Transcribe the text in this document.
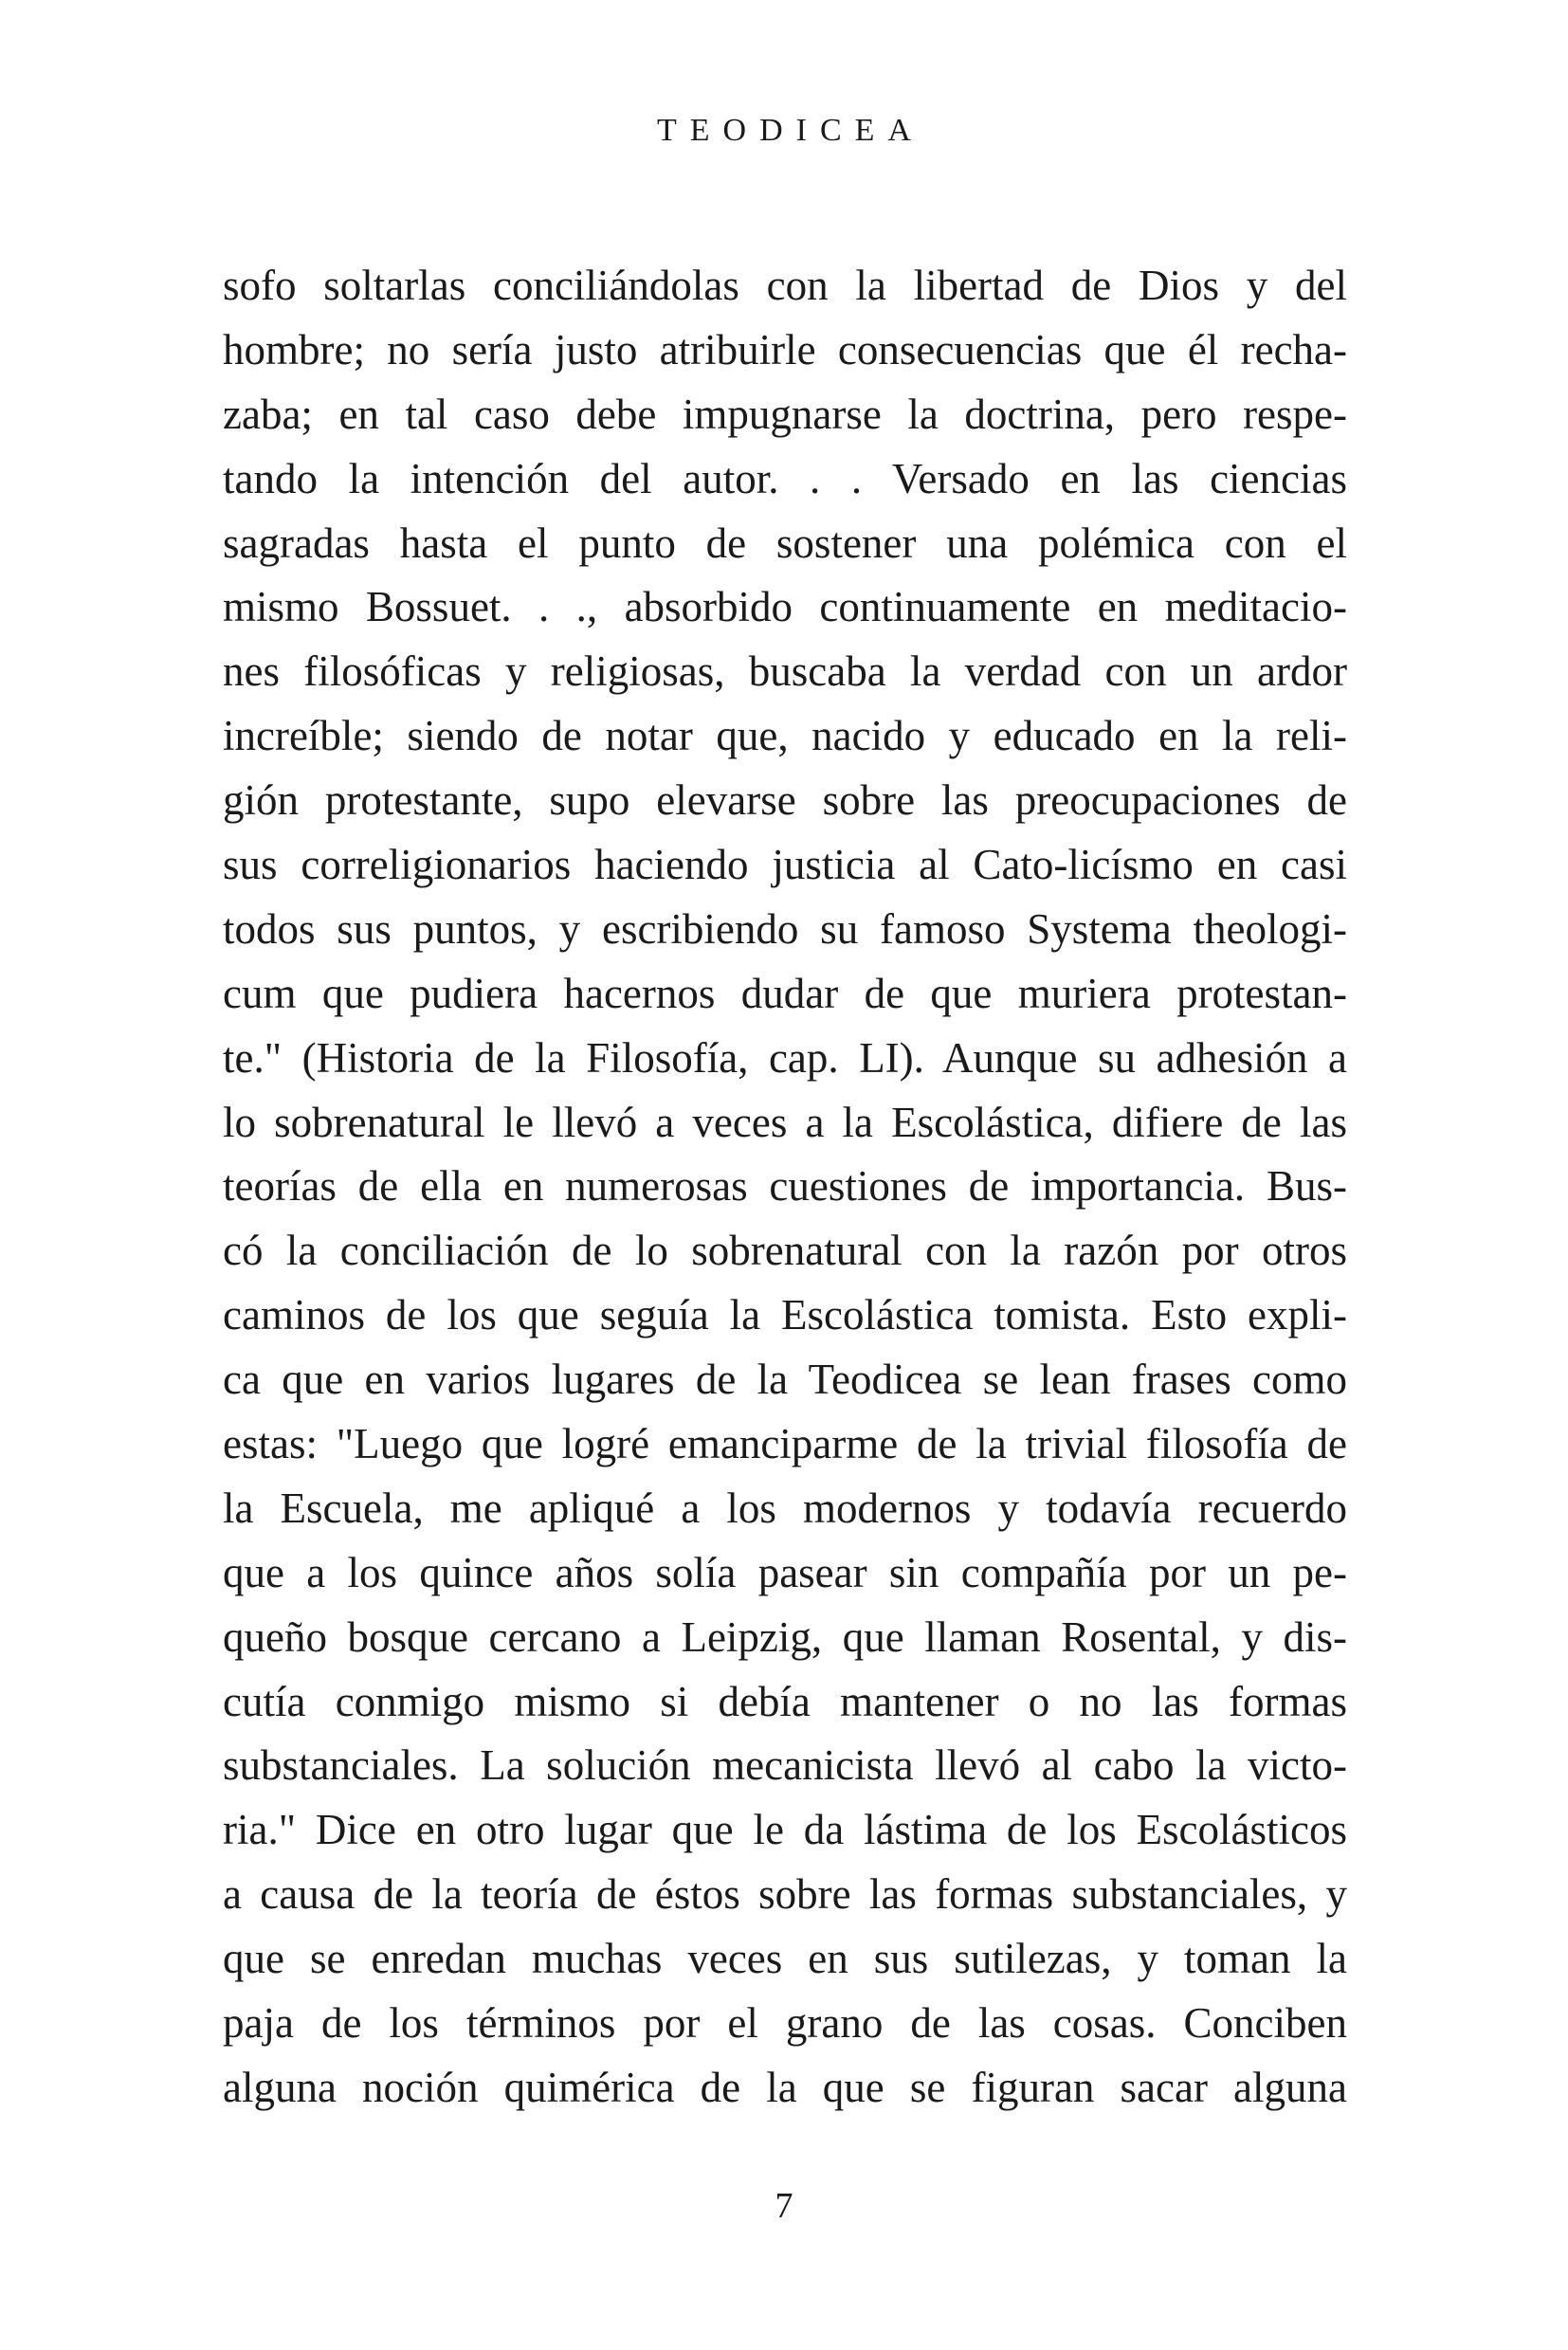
TEODICEA
sofo soltarlas conciliándolas con la libertad de Dios y del
hombre; no sería justo atribuirle consecuencias que él recha-
zaba; en tal caso debe impugnarse la doctrina, pero respe-
tando la intención del autor. . . Versado en las ciencias
sagradas hasta el punto de sostener una polémica con el
mismo Bossuet. . ., absorbido continuamente en meditacio-
nes filosóficas y religiosas, buscaba la verdad con un ardor
increíble; siendo de notar que, nacido y educado en la reli-
gión protestante, supo elevarse sobre las preocupaciones de
sus correligionarios haciendo justicia al Cato-licísmo en casi
todos sus puntos, y escribiendo su famoso Systema theologi-
cum que pudiera hacernos dudar de que muriera protestan-
te." (Historia de la Filosofía, cap. LI). Aunque su adhesión a
lo sobrenatural le llevó a veces a la Escolástica, difiere de las
teorías de ella en numerosas cuestiones de importancia. Bus-
có la conciliación de lo sobrenatural con la razón por otros
caminos de los que seguía la Escolástica tomista. Esto expli-
ca que en varios lugares de la Teodicea se lean frases como
estas: "Luego que logré emanciparme de la trivial filosofía de
la Escuela, me apliqué a los modernos y todavía recuerdo
que a los quince años solía pasear sin compañía por un pe-
queño bosque cercano a Leipzig, que llaman Rosental, y dis-
cutía conmigo mismo si debía mantener o no las formas
substanciales. La solución mecanicista llevó al cabo la victo-
ria." Dice en otro lugar que le da lástima de los Escolásticos
a causa de la teoría de éstos sobre las formas substanciales, y
que se enredan muchas veces en sus sutilezas, y toman la
paja de los términos por el grano de las cosas. Conciben
alguna noción quimérica de la que se figuran sacar alguna
7
